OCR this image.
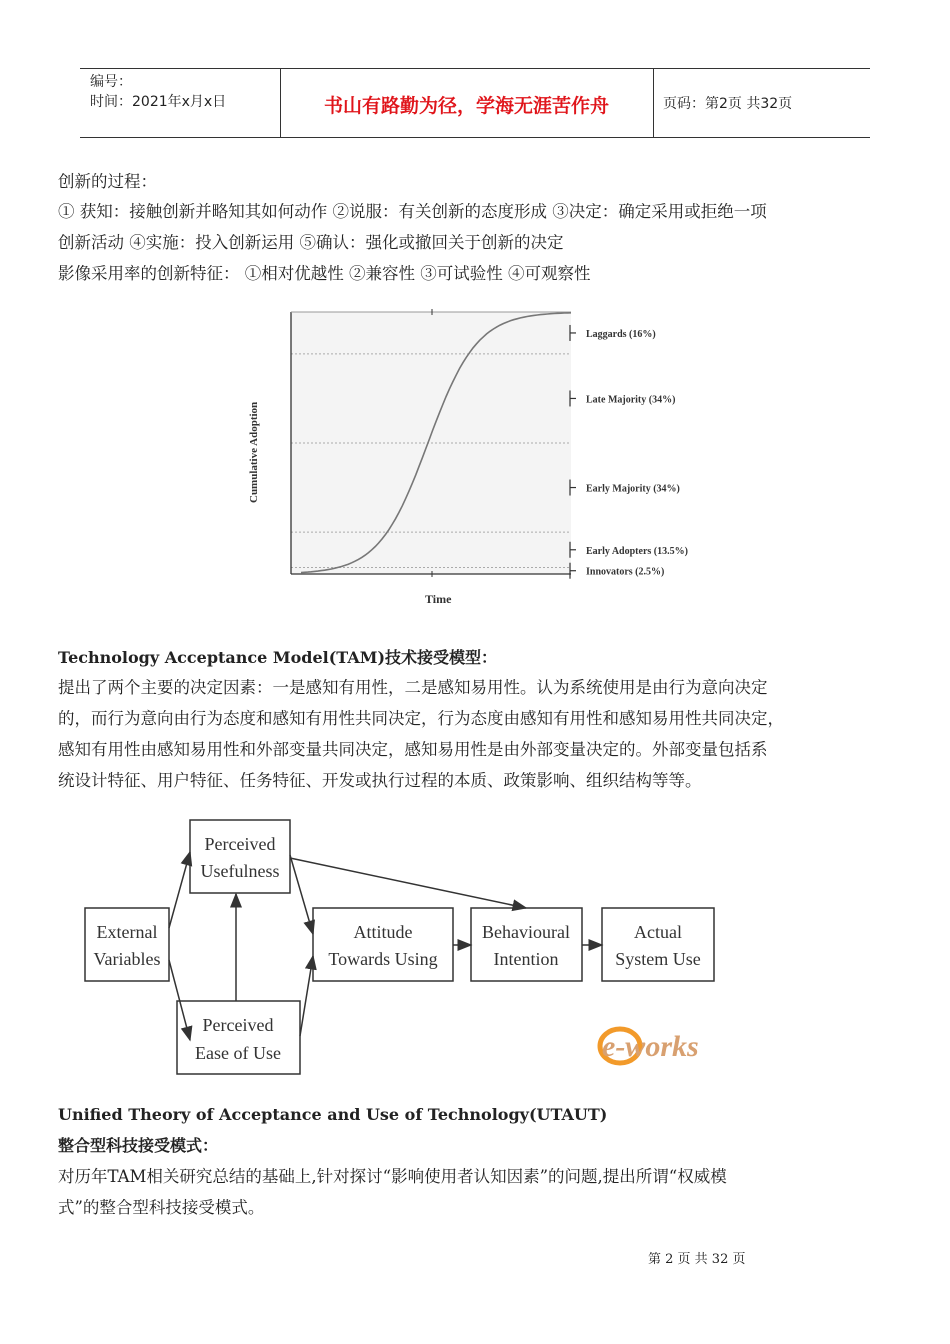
编号：
时间：2021年x月x日	书山有路勤为径，学海无涯苦作舟	页码：第2页 共32页
创新的过程：
① 获知：接触创新并略知其如何动作 ②说服：有关创新的态度形成 ③决定：确定采用或拒绝一项
创新活动 ④实施：投入创新运用 ⑤确认：强化或撤回关于创新的决定
影像采用率的创新特征： ①相对优越性 ②兼容性 ③可试验性 ④可观察性
Innovators (2.5%)
Early Adopters (13.5%)
Early Majority (34%)
Late Majority (34%)
Laggards (16%)
Time
Cumulative Adoption
Technology Acceptance Model(TAM)技术接受模型：
提出了两个主要的决定因素：一是感知有用性，二是感知易用性。认为系统使用是由行为意向决定
的，而行为意向由行为态度和感知有用性共同决定，行为态度由感知有用性和感知易用性共同决定，
感知有用性由感知易用性和外部变量共同决定，感知易用性是由外部变量决定的。外部变量包括系
统设计特征、用户特征、任务特征、开发或执行过程的本质、政策影响、组织结构等等。
External
Variables
Perceived
Usefulness
Perceived
Ease of Use
Attitude
Towards Using
Behavioural
Intention
Actual
System Use
e-works
Unified Theory of Acceptance and Use of Technology(UTAUT)
整合型科技接受模式：
对历年TAM相关研究总结的基础上,针对探讨“影响使用者认知因素”的问题,提出所谓“权威模
式”的整合型科技接受模式。
第 2 页 共 32 页
